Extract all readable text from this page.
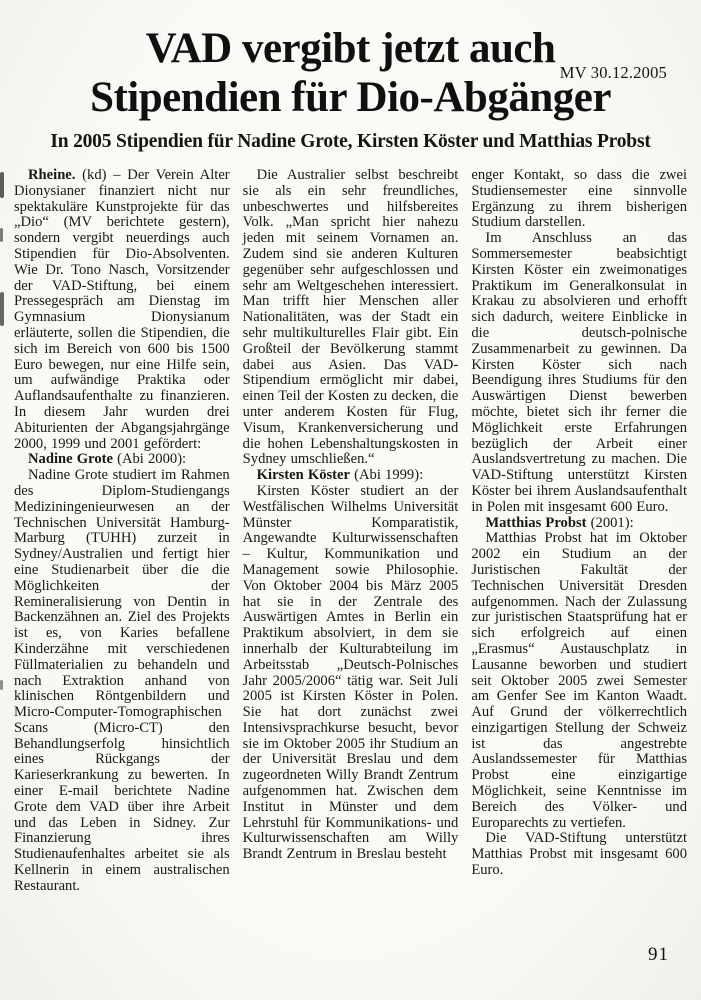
VAD vergibt jetzt auch
Stipendien für Dio-Abgänger
MV 30.12.2005
In 2005 Stipendien für Nadine Grote, Kirsten Köster und Matthias Probst

Rheine. (kd) – Der Verein Alter Dionysianer finanziert nicht nur spektakuläre Kunstprojekte für das „Dio“ (MV berichtete gestern), sondern vergibt neuerdings auch Stipendien für Dio-Absolventen. Wie Dr. Tono Nasch, Vorsitzender der VAD-Stiftung, bei einem Pressegespräch am Dienstag im Gymnasium Dionysianum erläuterte, sollen die Stipendien, die sich im Bereich von 600 bis 1500 Euro bewegen, nur eine Hilfe sein, um aufwändige Praktika oder Auflandsaufenthalte zu finanzieren. In diesem Jahr wurden drei Abiturienten der Abgangsjahrgänge 2000, 1999 und 2001 gefördert:

Nadine Grote (Abi 2000):

Nadine Grote studiert im Rahmen des Diplom-Studiengangs Mediziningenieurwesen an der Technischen Universität Hamburg-Marburg (TUHH) zurzeit in Sydney/Australien und fertigt hier eine Studienarbeit über die die Möglichkeiten der Remineralisierung von Dentin in Backenzähnen an. Ziel des Projekts ist es, von Karies befallene Kinderzähne mit verschiedenen Füllmaterialien zu behandeln und nach Extraktion anhand von klinischen Röntgenbildern und Micro-Computer-Tomographischen Scans (Micro-CT) den Behandlungserfolg hinsichtlich eines Rückgangs der Karieserkrankung zu bewerten. In einer E-mail berichtete Nadine Grote dem VAD über ihre Arbeit und das Leben in Sidney. Zur Finanzierung ihres Studienaufenhaltes arbeitet sie als Kellnerin in einem australischen Restaurant.

Die Australier selbst beschreibt sie als ein sehr freundliches, unbeschwertes und hilfsbereites Volk. „Man spricht hier nahezu jeden mit seinem Vornamen an. Zudem sind sie anderen Kulturen gegenüber sehr aufgeschlossen und sehr am Weltgeschehen interessiert. Man trifft hier Menschen aller Nationalitäten, was der Stadt ein sehr multikulturelles Flair gibt. Ein Großteil der Bevölkerung stammt dabei aus Asien. Das VAD-Stipendium ermöglicht mir dabei, einen Teil der Kosten zu decken, die unter anderem Kosten für Flug, Visum, Krankenversicherung und die hohen Lebenshaltungskosten in Sydney umschließen.“

Kirsten Köster (Abi 1999):

Kirsten Köster studiert an der Westfälischen Wilhelms Universität Münster Komparatistik, Angewandte Kulturwissenschaften – Kultur, Kommunikation und Management sowie Philosophie. Von Oktober 2004 bis März 2005 hat sie in der Zentrale des Auswärtigen Amtes in Berlin ein Praktikum absolviert, in dem sie innerhalb der Kulturabteilung im Arbeitsstab „Deutsch-Polnisches Jahr 2005/2006“ tätig war. Seit Juli 2005 ist Kirsten Köster in Polen. Sie hat dort zunächst zwei Intensivsprachkurse besucht, bevor sie im Oktober 2005 ihr Studium an der Universität Breslau und dem zugeordneten Willy Brandt Zentrum aufgenommen hat. Zwischen dem Institut in Münster und dem Lehrstuhl für Kommunikations- und Kulturwissenschaften am Willy Brandt Zentrum in Breslau besteht

enger Kontakt, so dass die zwei Studiensemester eine sinnvolle Ergänzung zu ihrem bisherigen Studium darstellen.

Im Anschluss an das Sommersemester beabsichtigt Kirsten Köster ein zweimonatiges Praktikum im Generalkonsulat in Krakau zu absolvieren und erhofft sich dadurch, weitere Einblicke in die deutsch-polnische Zusammenarbeit zu gewinnen. Da Kirsten Köster sich nach Beendigung ihres Studiums für den Auswärtigen Dienst bewerben möchte, bietet sich ihr ferner die Möglichkeit erste Erfahrungen bezüglich der Arbeit einer Auslandsvertretung zu machen. Die VAD-Stiftung unterstützt Kirsten Köster bei ihrem Auslandsaufenthalt in Polen mit insgesamt 600 Euro.

Matthias Probst (2001):

Matthias Probst hat im Oktober 2002 ein Studium an der Juristischen Fakultät der Technischen Universität Dresden aufgenommen. Nach der Zulassung zur juristischen Staatsprüfung hat er sich erfolgreich auf einen „Erasmus“ Austauschplatz in Lausanne beworben und studiert seit Oktober 2005 zwei Semester am Genfer See im Kanton Waadt. Auf Grund der völkerrechtlich einzigartigen Stellung der Schweiz ist das angestrebte Auslandssemester für Matthias Probst eine einzigartige Möglichkeit, seine Kenntnisse im Bereich des Völker- und Europarechts zu vertiefen.

Die VAD-Stiftung unterstützt Matthias Probst mit insgesamt 600 Euro.

91
